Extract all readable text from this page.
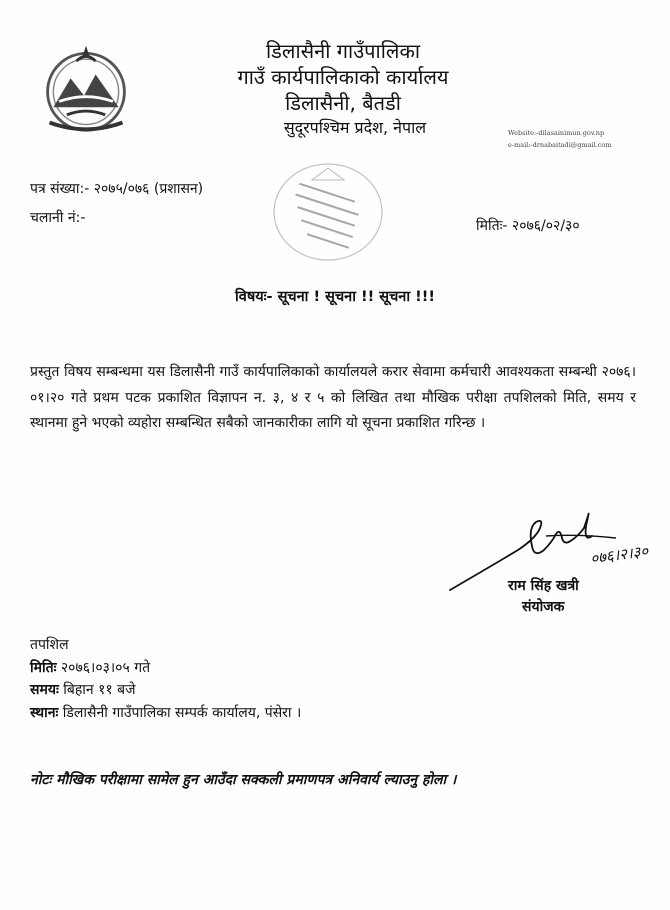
डिलासैनी गाउँपालिका
गाउँ कार्यपालिकाको कार्यालय
डिलासैनी, बैतडी
सुदूरपश्चिम प्रदेश, नेपाल	Website:-dilasainimun.gov.np
e-mail:-drnabaitadi@gmail.com
पत्र संख्या:- २०७५/०७६ (प्रशासन)
चलानी नं:-	मितिः- २०७६/०२/३०
विषयः- सूचना ! सूचना !! सूचना !!!
प्रस्तुत विषय सम्बन्धमा यस डिलासैनी गाउँ कार्यपालिकाको कार्यालयले करार सेवामा कर्मचारी आवश्यकता सम्बन्धी २०७६।०१।२० गते प्रथम पटक प्रकाशित विज्ञापन न. ३, ४ र ५ को लिखित तथा मौखिक परीक्षा तपशिलको मिति, समय र स्थानमा हुने भएको व्यहोरा सम्बन्धित सबैको जानकारीका लागि यो सूचना प्रकाशित गरिन्छ ।
०७६।२।३०
राम सिंह खत्री
संयोजक
तपशिल
मितिः २०७६।०३।०५ गते
समयः बिहान ११ बजे
स्थानः डिलासैनी गाउँपालिका सम्पर्क कार्यालय, पंसेरा ।
नोटः मौखिक परीक्षामा सामेल हुन आउँदा सक्कली प्रमाणपत्र अनिवार्य ल्याउनु होला ।
